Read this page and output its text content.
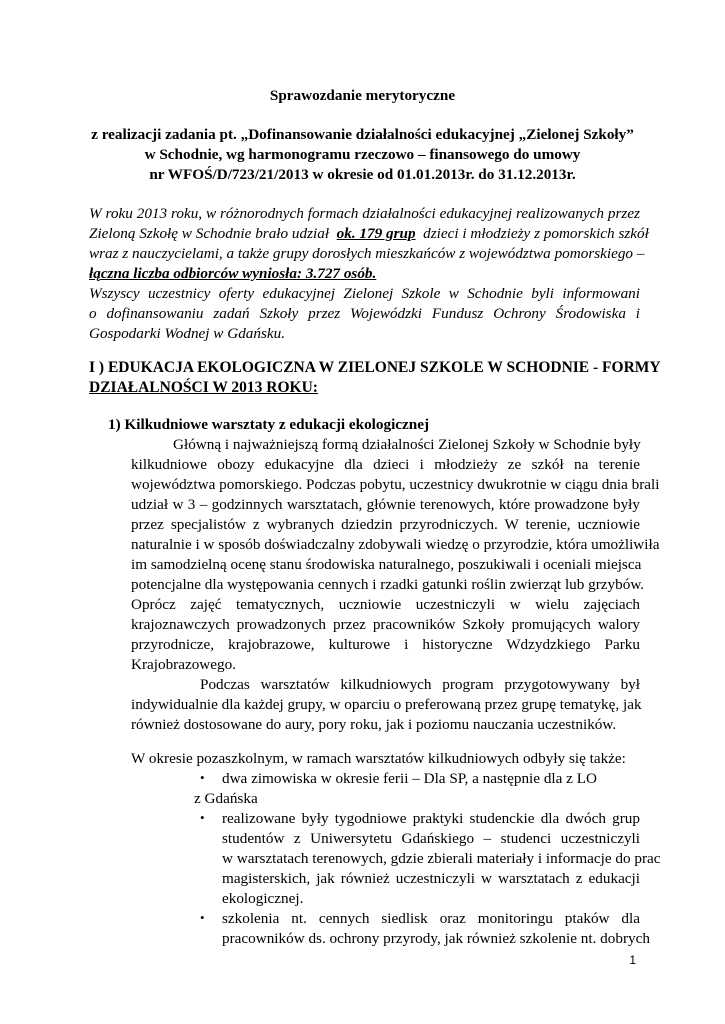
Sprawozdanie merytoryczne
z realizacji zadania pt. „Dofinansowanie działalności edukacyjnej „Zielonej Szkoły”
w Schodnie, wg harmonogramu rzeczowo – finansowego do umowy
nr WFOŚ/D/723/21/2013 w okresie od 01.01.2013r. do 31.12.2013r.
W roku 2013 roku, w różnorodnych formach działalności edukacyjnej realizowanych przez
Zieloną Szkołę w Schodnie brało udział ok. 179 grup dzieci i młodzieży z pomorskich szkół
wraz z nauczycielami, a także grupy dorosłych mieszkańców z województwa pomorskiego –
łączna liczba odbiorców wyniosła: 3.727 osób.
Wszyscy uczestnicy oferty edukacyjnej Zielonej Szkole w Schodnie byli informowani
o dofinansowaniu zadań Szkoły przez Wojewódzki Fundusz Ochrony Środowiska i
Gospodarki Wodnej w Gdańsku.
I ) EDUKACJA EKOLOGICZNA W ZIELONEJ SZKOLE W SCHODNIE - FORMY
DZIAŁALNOŚCI W 2013 ROKU:
1) Kilkudniowe warsztaty z edukacji ekologicznej
Główną i najważniejszą formą działalności Zielonej Szkoły w Schodnie były
kilkudniowe obozy edukacyjne dla dzieci i młodzieży ze szkół na terenie
województwa pomorskiego. Podczas pobytu, uczestnicy dwukrotnie w ciągu dnia brali
udział w 3 – godzinnych warsztatach, głównie terenowych, które prowadzone były
przez specjalistów z wybranych dziedzin przyrodniczych. W terenie, uczniowie
naturalnie i w sposób doświadczalny zdobywali wiedzę o przyrodzie, która umożliwiła
im samodzielną ocenę stanu środowiska naturalnego, poszukiwali i oceniali miejsca
potencjalne dla występowania cennych i rzadki gatunki roślin zwierząt lub grzybów.
Oprócz zajęć tematycznych, uczniowie uczestniczyli w wielu zajęciach
krajoznawczych prowadzonych przez pracowników Szkoły promujących walory
przyrodnicze, krajobrazowe, kulturowe i historyczne Wdzydzkiego Parku
Krajobrazowego.
Podczas warsztatów kilkudniowych program przygotowywany był
indywidualnie dla każdej grupy, w oparciu o preferowaną przez grupę tematykę, jak
również dostosowane do aury, pory roku, jak i poziomu nauczania uczestników.
W okresie pozaszkolnym, w ramach warsztatów kilkudniowych odbyły się także:
• dwa zimowiska w okresie ferii – Dla SP, a następnie dla z LO
z Gdańska
• realizowane były tygodniowe praktyki studenckie dla dwóch grup
studentów z Uniwersytetu Gdańskiego – studenci uczestniczyli
w warsztatach terenowych, gdzie zbierali materiały i informacje do prac
magisterskich, jak również uczestniczyli w warsztatach z edukacji
ekologicznej.
• szkolenia nt. cennych siedlisk oraz monitoringu ptaków dla
pracowników ds. ochrony przyrody, jak również szkolenie nt. dobrych
1
